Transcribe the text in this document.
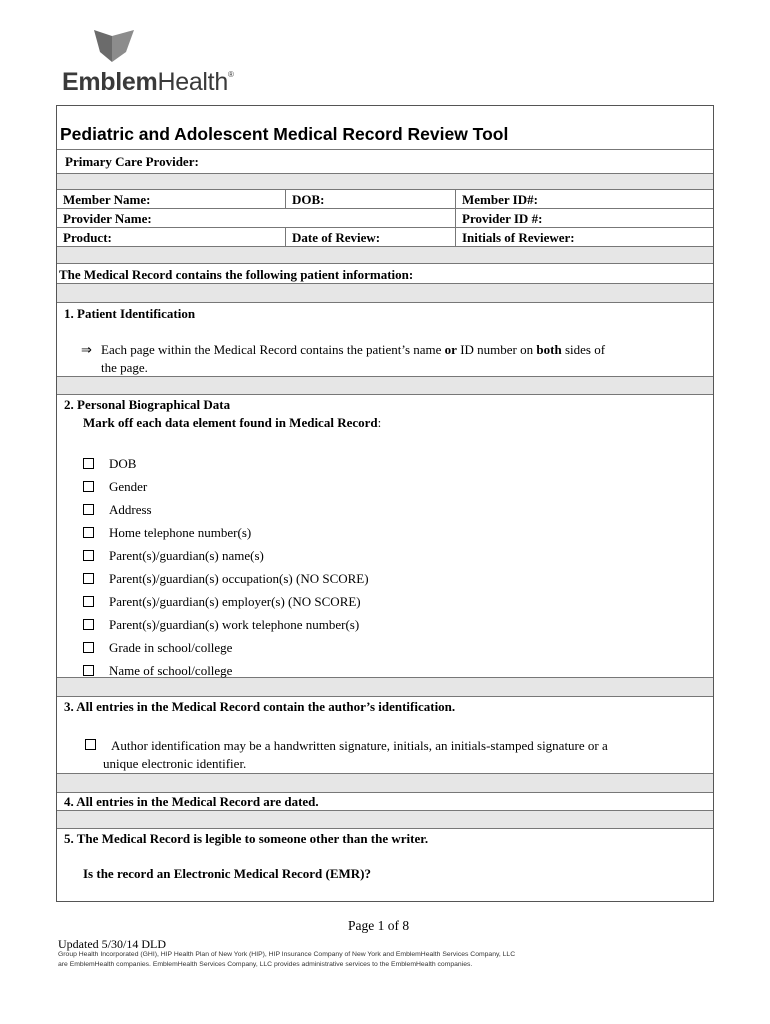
EmblemHealth®
Pediatric and Adolescent Medical Record Review Tool
Primary Care Provider:
Member Name:	DOB:	Member ID#:
Provider Name:	Provider ID #:
Product:	Date of Review:	Initials of Reviewer:
The Medical Record contains the following patient information:
1. Patient Identification
⇒ Each page within the Medical Record contains the patient’s name or ID number on both sides of
the page.
2. Personal Biographical Data
Mark off each data element found in Medical Record:
DOB
Gender
Address
Home telephone number(s)
Parent(s)/guardian(s) name(s)
Parent(s)/guardian(s) occupation(s) (NO SCORE)
Parent(s)/guardian(s) employer(s) (NO SCORE)
Parent(s)/guardian(s) work telephone number(s)
Grade in school/college
Name of school/college
3. All entries in the Medical Record contain the author’s identification.
Author identification may be a handwritten signature, initials, an initials-stamped signature or a
unique electronic identifier.
4. All entries in the Medical Record are dated.
5. The Medical Record is legible to someone other than the writer.
Is the record an Electronic Medical Record (EMR)?
Page 1 of 8
Updated 5/30/14 DLD
Group Health Incorporated (GHI), HIP Health Plan of New York (HIP), HIP Insurance Company of New York and EmblemHealth Services Company, LLC
are EmblemHealth companies. EmblemHealth Services Company, LLC provides administrative services to the EmblemHealth companies.
